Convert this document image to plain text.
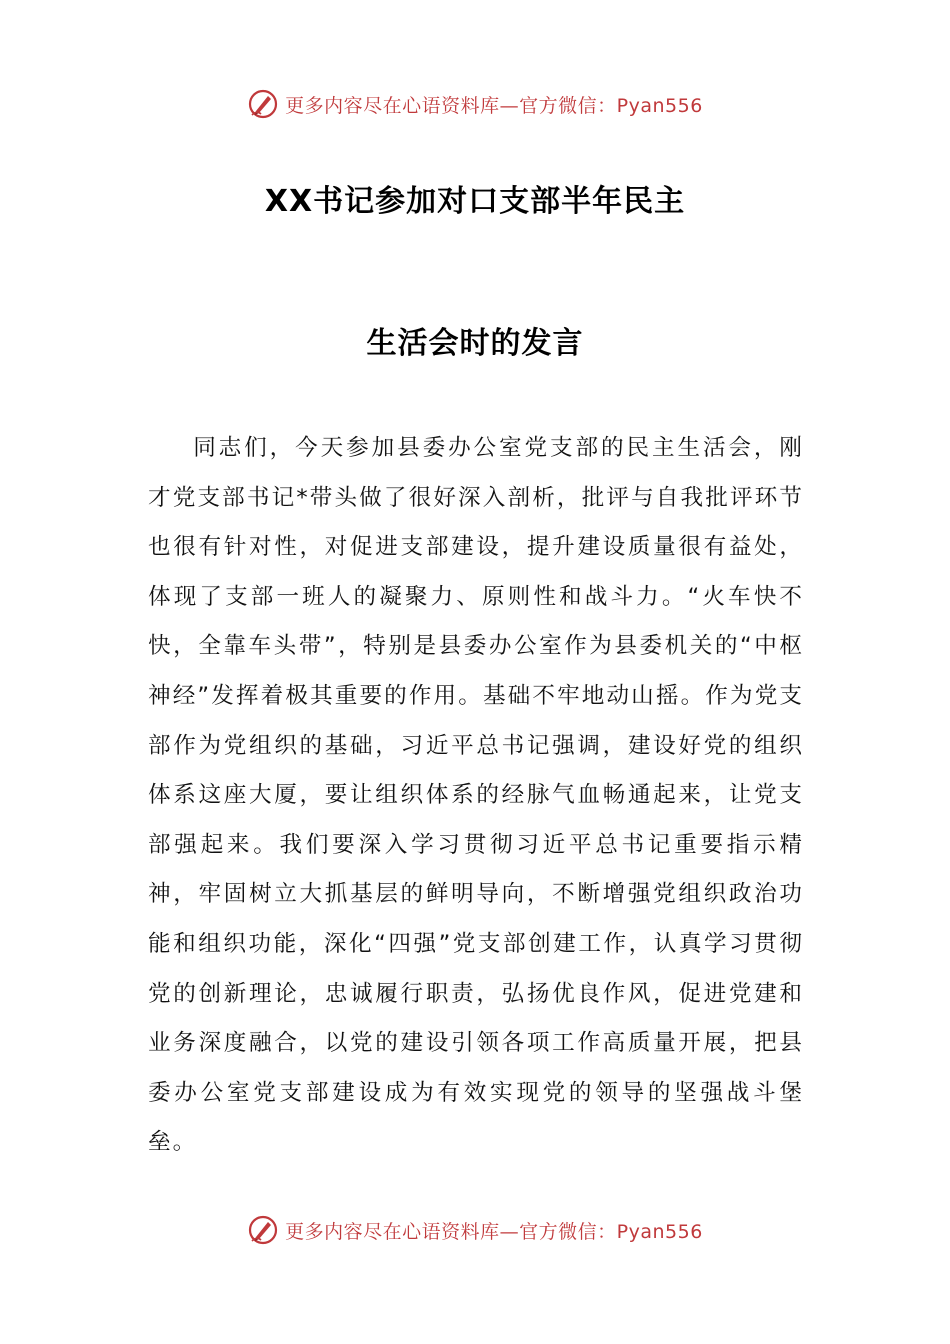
更多内容尽在心语资料库—官方微信：Pyan556
XX书记参加对口支部半年民主
生活会时的发言

同志们，今天参加县委办公室党支部的民主生活会，刚才党支部书记*带头做了很好深入剖析，批评与自我批评环节也很有针对性，对促进支部建设，提升建设质量很有益处，体现了支部一班人的凝聚力、原则性和战斗力。“火车快不快，全靠车头带”，特别是县委办公室作为县委机关的“中枢神经”发挥着极其重要的作用。基础不牢地动山摇。作为党支部作为党组织的基础，习近平总书记强调，建设好党的组织体系这座大厦，要让组织体系的经脉气血畅通起来，让党支部强起来。我们要深入学习贯彻习近平总书记重要指示精神，牢固树立大抓基层的鲜明导向，不断增强党组织政治功能和组织功能，深化“四强”党支部创建工作，认真学习贯彻党的创新理论，忠诚履行职责，弘扬优良作风，促进党建和业务深度融合，以党的建设引领各项工作高质量开展，把县委办公室党支部建设成为有效实现党的领导的坚强战斗堡垒。

更多内容尽在心语资料库—官方微信：Pyan556
